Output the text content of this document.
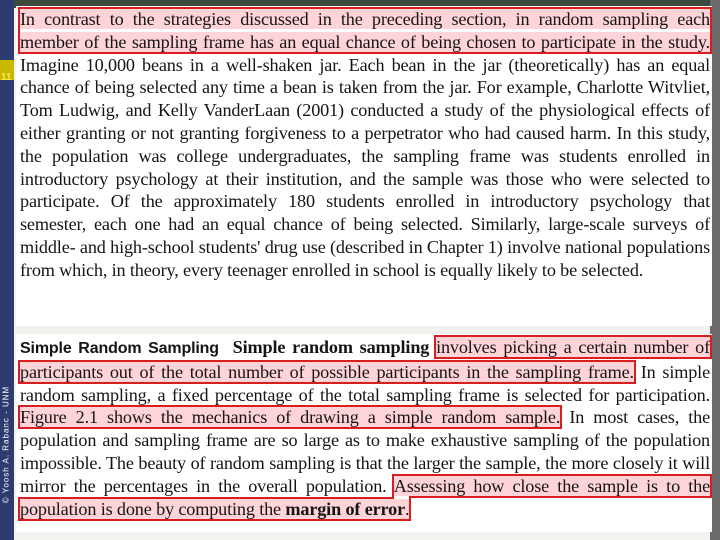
11
© Yoosh A. Rabanc - UNM

In contrast to the strategies discussed in the preceding section, in random sampling each member of the sampling frame has an equal chance of being chosen to participate in the study. Imagine 10,000 beans in a well-shaken jar. Each bean in the jar (theoretically) has an equal chance of being selected any time a bean is taken from the jar. For example, Charlotte Witvliet, Tom Ludwig, and Kelly VanderLaan (2001) conducted a study of the physiological effects of either granting or not granting forgiveness to a perpetrator who had caused harm. In this study, the population was college undergraduates, the sampling frame was students enrolled in introductory psychology at their institution, and the sample was those who were selected to participate. Of the approximately 180 students enrolled in introductory psychology that semester, each one had an equal chance of being selected. Similarly, large-scale surveys of middle- and high-school students' drug use (described in Chapter 1) involve national populations from which, in theory, every teenager enrolled in school is equally likely to be selected.

Simple Random Sampling Simple random sampling involves picking a certain number of participants out of the total number of possible participants in the sampling frame. In simple random sampling, a fixed percentage of the total sampling frame is selected for participation. Figure 2.1 shows the mechanics of drawing a simple random sample. In most cases, the population and sampling frame are so large as to make exhaustive sampling of the population impossible. The beauty of random sampling is that the larger the sample, the more closely it will mirror the percentages in the overall population. Assessing how close the sample is to the population is done by computing the margin of error.
